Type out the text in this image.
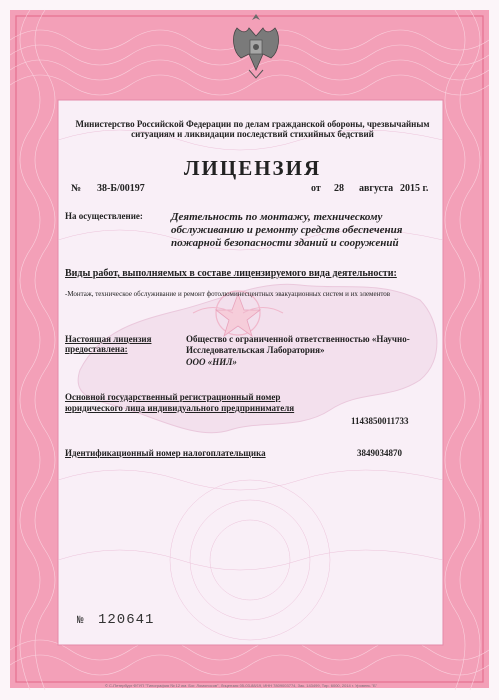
Министерство Российской Федерации по делам гражданской обороны, чрезвычайным ситуациям и ликвидации последствий стихийных бедствий
ЛИЦЕНЗИЯ
№ 38-Б/00197	от 28 августа 2015 г.
На осуществление:	Деятельность по монтажу, техническому обслуживанию и ремонту средств обеспечения пожарной безопасности зданий и сооружений
Виды работ, выполняемых в составе лицензируемого вида деятельности:
-Монтаж, техническое обслуживание и ремонт фотолюминесцентных эвакуационных систем и их элементов
Настоящая лицензия предоставлена:
Общество с ограниченной ответственностью «Научно-Исследовательская Лаборатория»
ООО «НИЛ»
Основной государственный регистрационный номер юридического лица индивидуального предпринимателя
1143850011733
Идентификационный номер налогоплательщика	3849034870
№ 120641
© С-Петербург ФГУП "Типография № 12 им. Бог. Ломоносов", Лицензия 05-03-88/19, ИНН 7809003774, Зак. 143499, Тир. 6000, 2014 г. Уровень "Б"
